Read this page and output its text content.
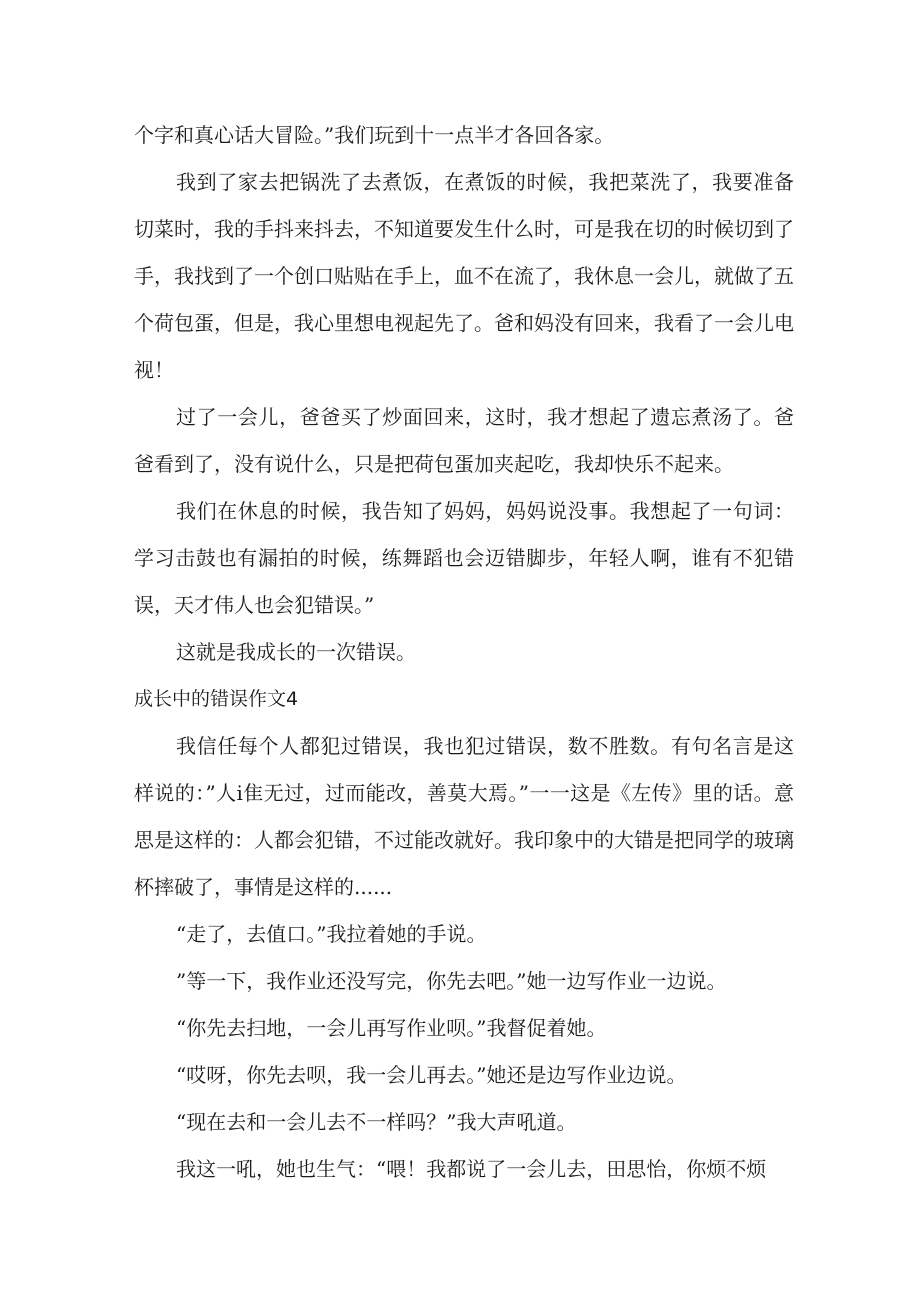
个字和真心话大冒险。”我们玩到十一点半才各回各家。

我到了家去把锅洗了去煮饭，在煮饭的时候，我把菜洗了，我要准备切菜时，我的手抖来抖去，不知道要发生什么时，可是我在切的时候切到了手，我找到了一个创口贴贴在手上，血不在流了，我休息一会儿，就做了五个荷包蛋，但是，我心里想电视起先了。爸和妈没有回来，我看了一会儿电视！

过了一会儿，爸爸买了炒面回来，这时，我才想起了遗忘煮汤了。爸爸看到了，没有说什么，只是把荷包蛋加夹起吃，我却快乐不起来。

我们在休息的时候，我告知了妈妈，妈妈说没事。我想起了一句词：学习击鼓也有漏拍的时候，练舞蹈也会迈错脚步，年轻人啊，谁有不犯错误，天才伟人也会犯错误。”

这就是我成长的一次错误。

成长中的错误作文4

我信任每个人都犯过错误，我也犯过错误，数不胜数。有句名言是这样说的：”人i隹无过，过而能改，善莫大焉。”一一这是《左传》里的话。意思是这样的：人都会犯错，不过能改就好。我印象中的大错是把同学的玻璃杯摔破了，事情是这样的......

“走了，去值口。”我拉着她的手说。

”等一下，我作业还没写完，你先去吧。”她一边写作业一边说。

“你先去扫地，一会儿再写作业呗。”我督促着她。

“哎呀，你先去呗，我一会儿再去。”她还是边写作业边说。

“现在去和一会儿去不一样吗？”我大声吼道。

我这一吼，她也生气：“喂！我都说了一会儿去，田思怡，你烦不烦
